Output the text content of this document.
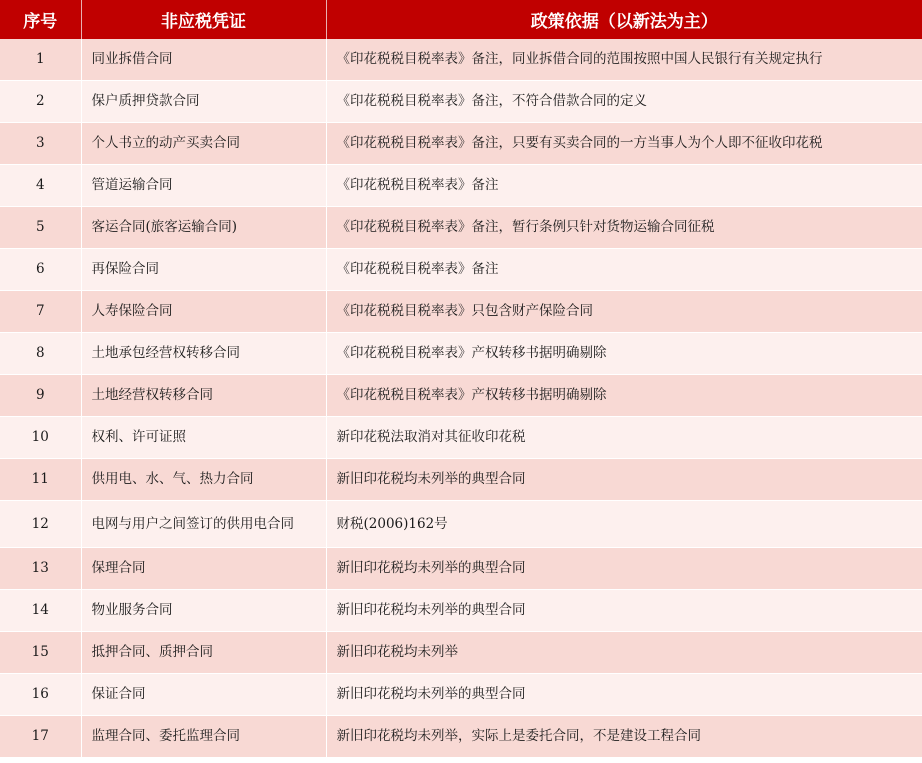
序号	非应税凭证	政策依据（以新法为主）
1	同业拆借合同	《印花税税目税率表》备注，同业拆借合同的范围按照中国人民银行有关规定执行
2	保户质押贷款合同	《印花税税目税率表》备注，不符合借款合同的定义
3	个人书立的动产买卖合同	《印花税税目税率表》备注，只要有买卖合同的一方当事人为个人即不征收印花税
4	管道运输合同	《印花税税目税率表》备注
5	客运合同(旅客运输合同)	《印花税税目税率表》备注，暂行条例只针对货物运输合同征税
6	再保险合同	《印花税税目税率表》备注
7	人寿保险合同	《印花税税目税率表》只包含财产保险合同
8	土地承包经营权转移合同	《印花税税目税率表》产权转移书据明确剔除
9	土地经营权转移合同	《印花税税目税率表》产权转移书据明确剔除
10	权利、许可证照	新印花税法取消对其征收印花税
11	供用电、水、气、热力合同	新旧印花税均未列举的典型合同
12	电网与用户之间签订的供用电合同	财税(2006)162号
13	保理合同	新旧印花税均未列举的典型合同
14	物业服务合同	新旧印花税均未列举的典型合同
15	抵押合同、质押合同	新旧印花税均未列举
16	保证合同	新旧印花税均未列举的典型合同
17	监理合同、委托监理合同	新旧印花税均未列举，实际上是委托合同，不是建设工程合同
